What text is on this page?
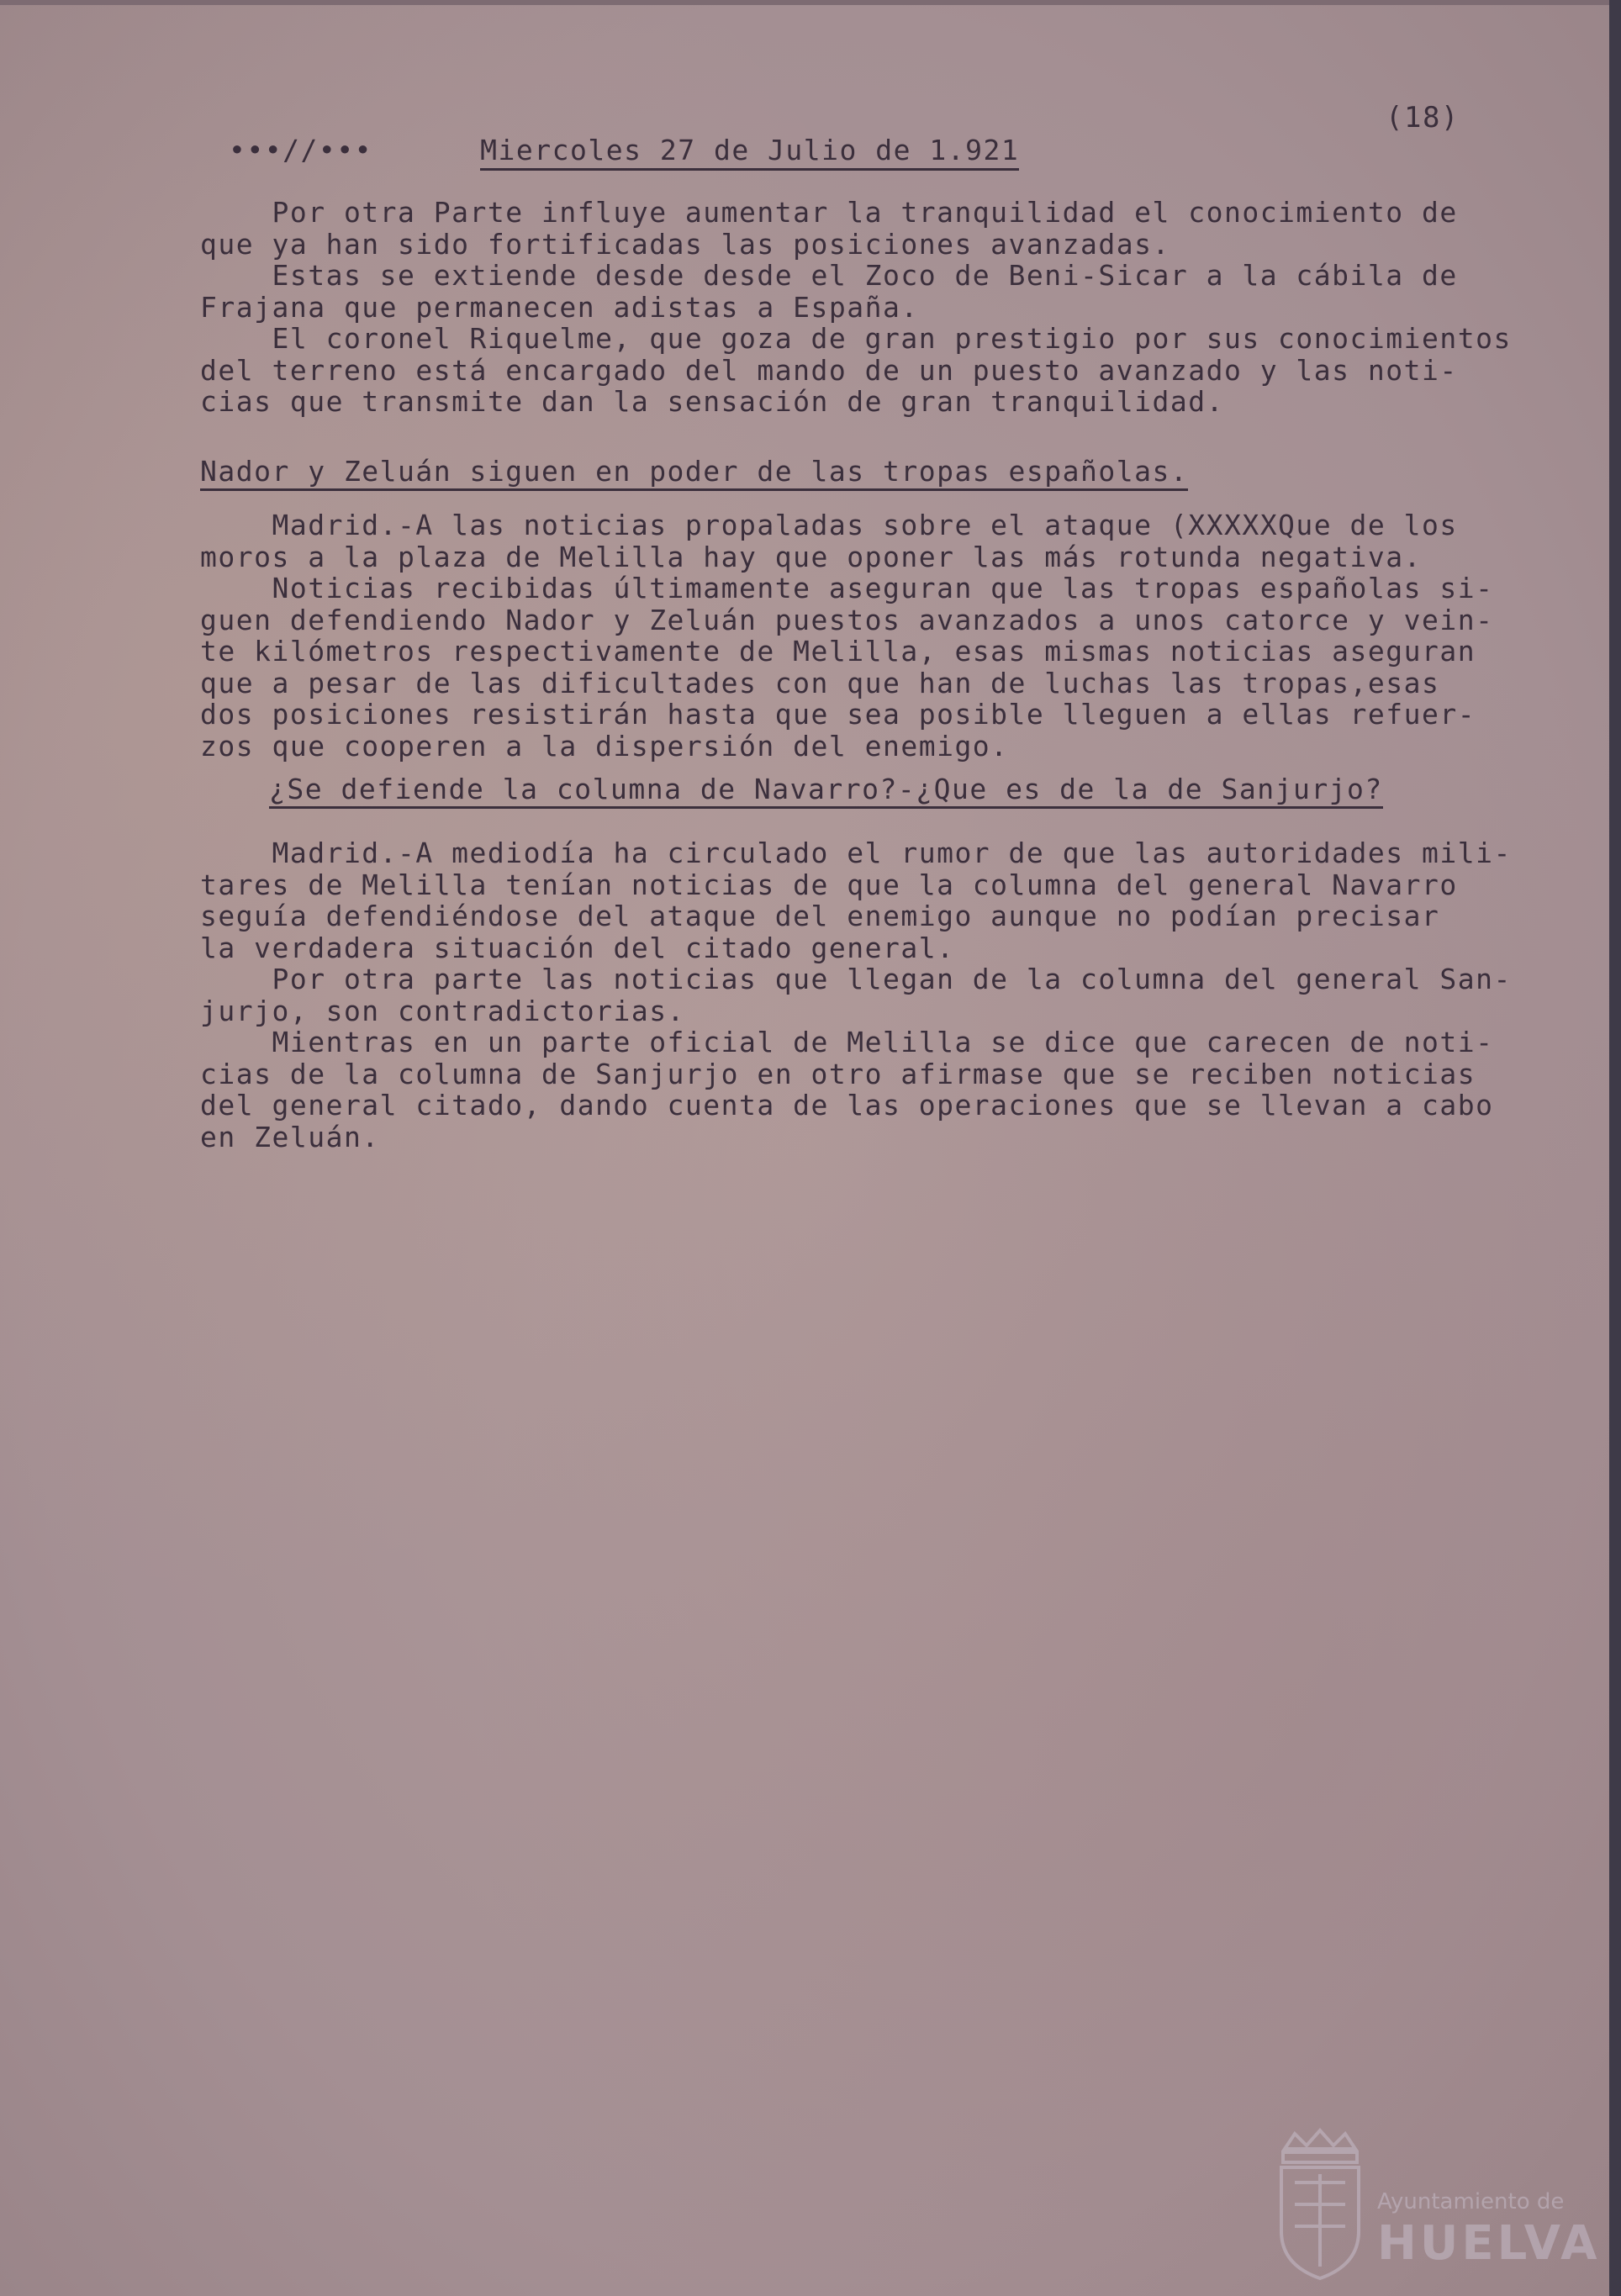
(18)
•••//•••	Miercoles 27 de Julio de 1.921
Por otra Parte influye aumentar la tranquilidad el conocimiento de
que ya han sido fortificadas las posiciones avanzadas.
Estas se extiende desde desde el Zoco de Beni-Sicar a la cábila de
Frajana que permanecen adistas a España.
El coronel Riquelme, que goza de gran prestigio por sus conocimientos
del terreno está encargado del mando de un puesto avanzado y las noti-
cias que transmite dan la sensación de gran tranquilidad.
Nador y Zeluán siguen en poder de las tropas españolas.
Madrid.-A las noticias propaladas sobre el ataque (XXXXXQue de los
moros a la plaza de Melilla hay que oponer las más rotunda negativa.
Noticias recibidas últimamente aseguran que las tropas españolas si-
guen defendiendo Nador y Zeluán puestos avanzados a unos catorce y vein-
te kilómetros respectivamente de Melilla, esas mismas noticias aseguran
que a pesar de las dificultades con que han de luchas las tropas,esas
dos posiciones resistirán hasta que sea posible lleguen a ellas refuer-
zos que cooperen a la dispersión del enemigo.
¿Se defiende la columna de Navarro?-¿Que es de la de Sanjurjo?
Madrid.-A mediodía ha circulado el rumor de que las autoridades mili-
tares de Melilla tenían noticias de que la columna del general Navarro
seguía defendiéndose del ataque del enemigo aunque no podían precisar
la verdadera situación del citado general.
Por otra parte las noticias que llegan de la columna del general San-
jurjo, son contradictorias.
Mientras en un parte oficial de Melilla se dice que carecen de noti-
cias de la columna de Sanjurjo en otro afirmase que se reciben noticias
del general citado, dando cuenta de las operaciones que se llevan a cabo
en Zeluán.
Ayuntamiento de
HUELVA
